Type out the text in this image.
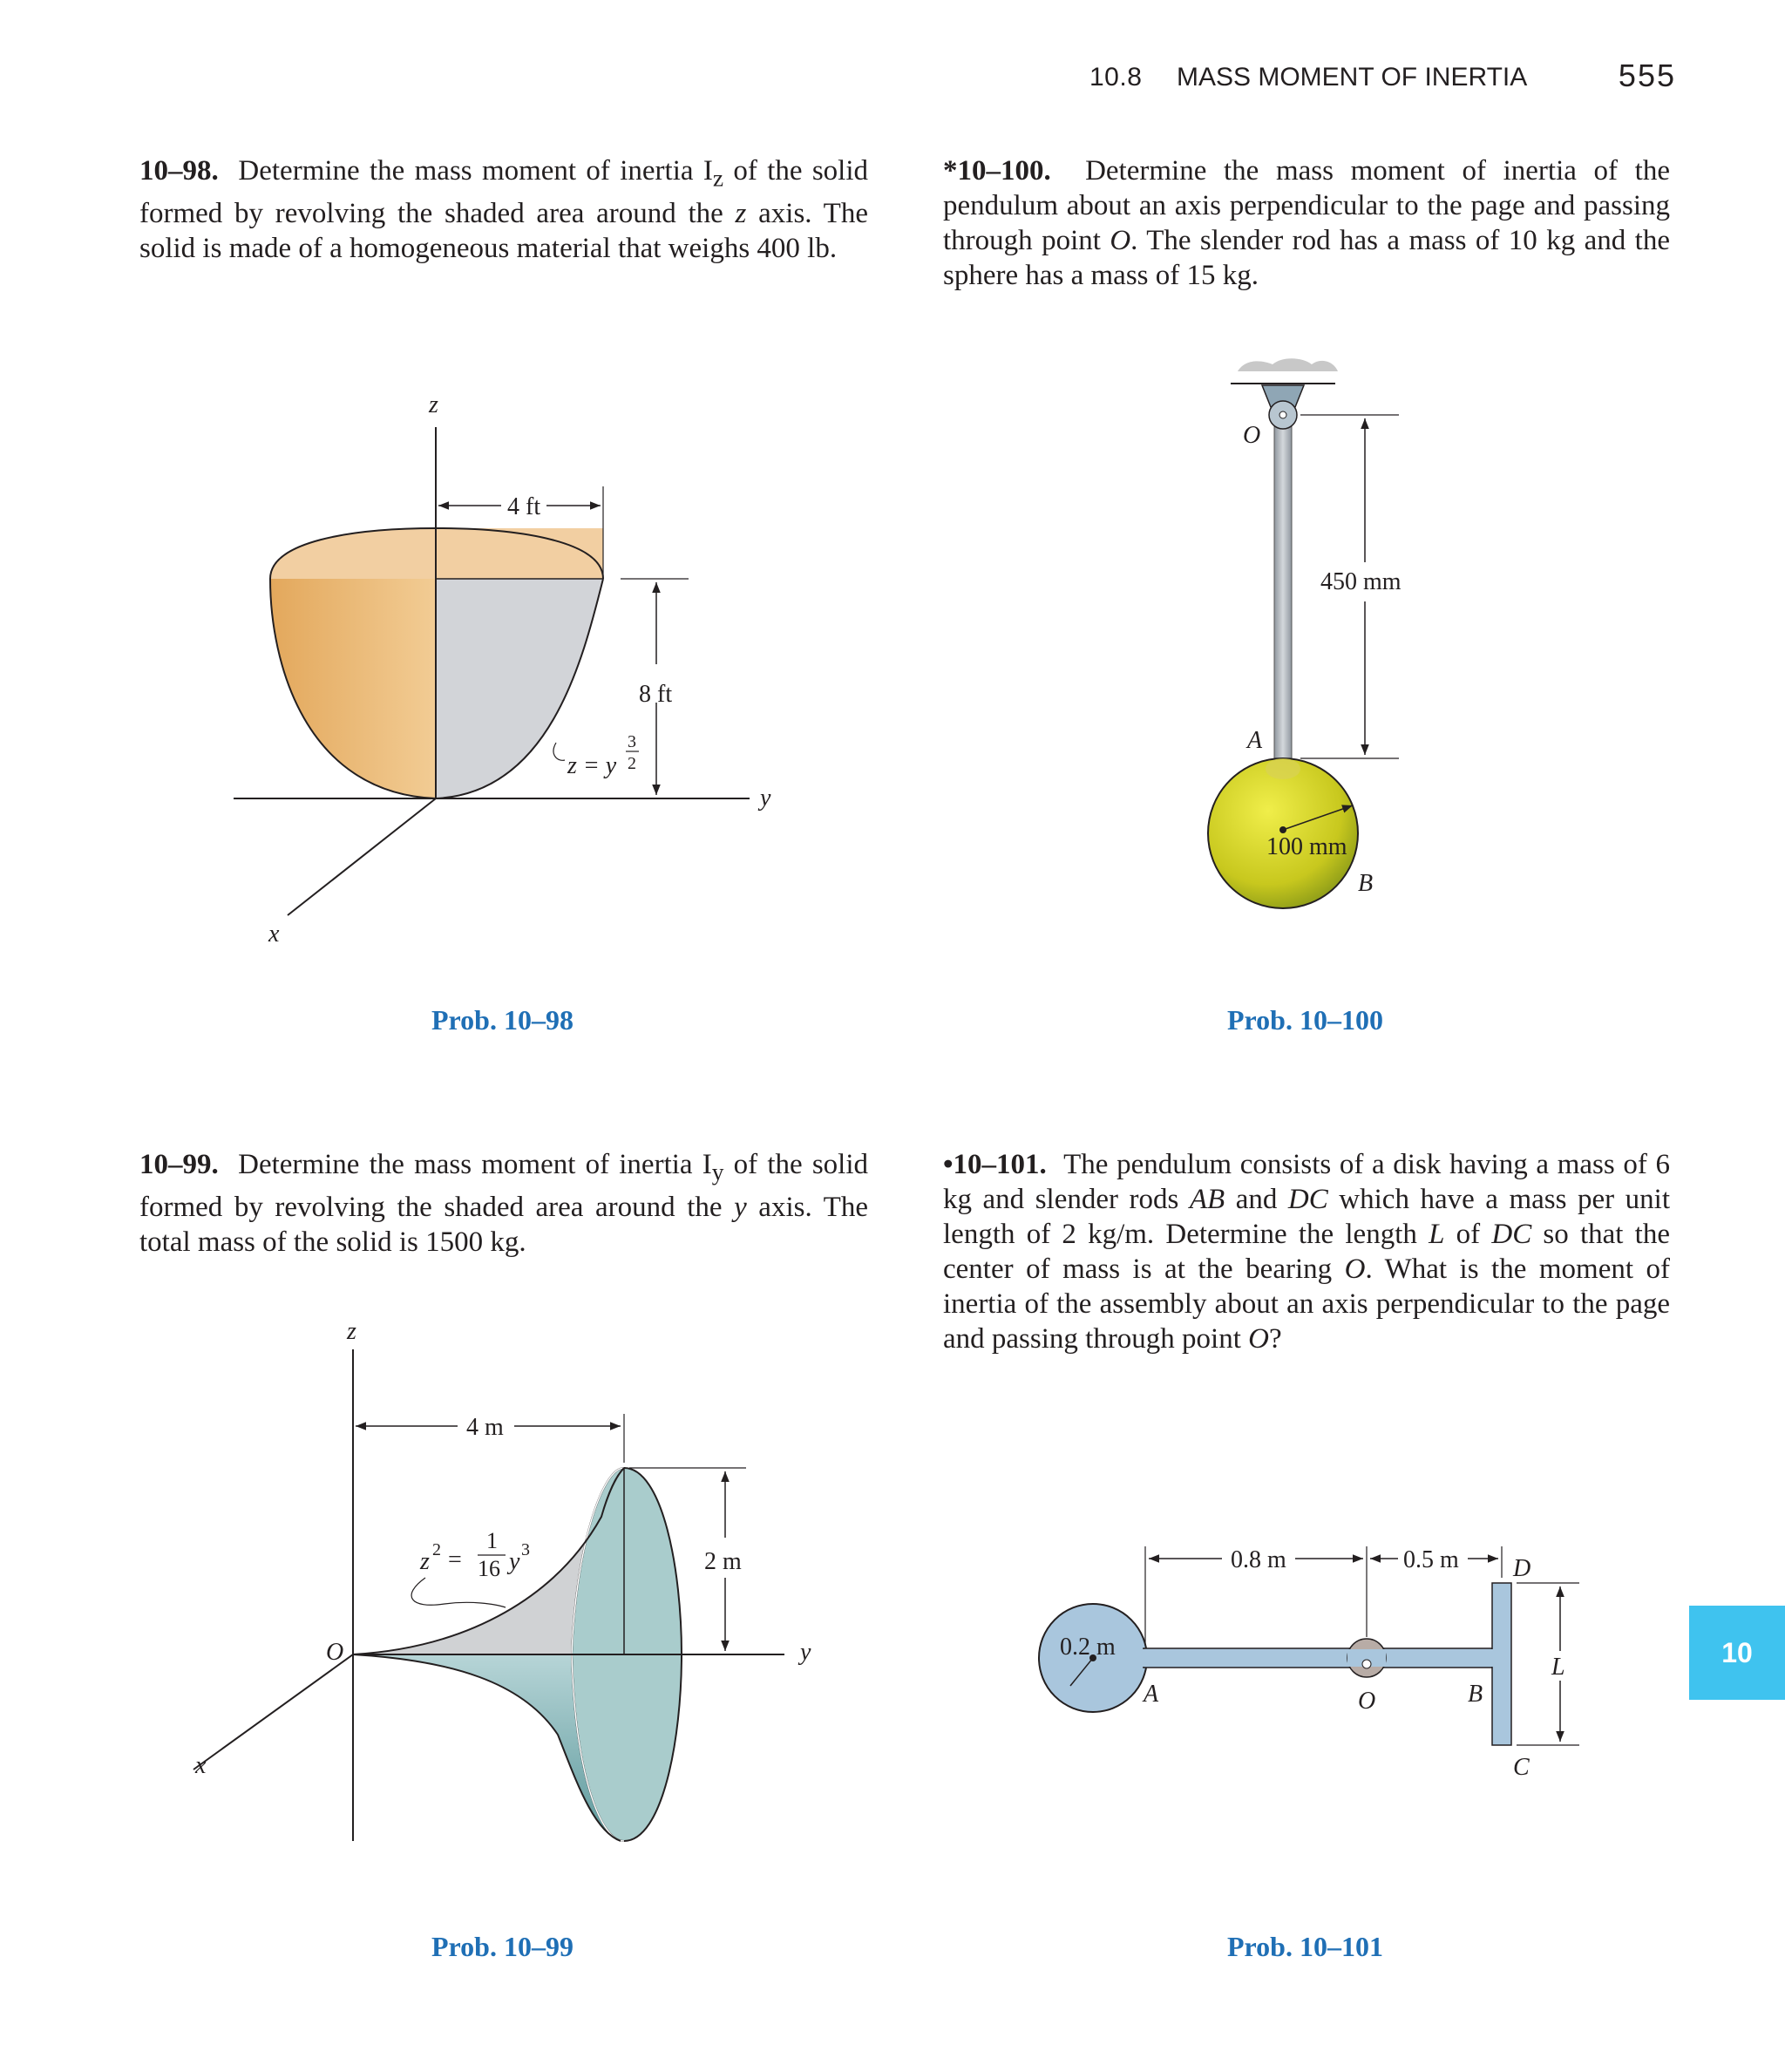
10.8 MASS MOMENT OF INERTIA	555
10–98. Determine the mass moment of inertia $I_z$ of the solid formed by revolving the shaded area around the z axis. The solid is made of a homogeneous material that weighs 400 lb.
*10–100. Determine the mass moment of inertia of the pendulum about an axis perpendicular to the page and passing through point O. The slender rod has a mass of 10 kg and the sphere has a mass of 15 kg.
10–99. Determine the mass moment of inertia $I_y$ of the solid formed by revolving the shaded area around the y axis. The total mass of the solid is 1500 kg.
•10–101. The pendulum consists of a disk having a mass of 6 kg and slender rods AB and DC which have a mass per unit length of 2 kg/m. Determine the length L of DC so that the center of mass is at the bearing O. What is the moment of inertia of the assembly about an axis perpendicular to the page and passing through point O?
Prob. 10–98	Prob. 10–100
Prob. 10–99	Prob. 10–101
10
z
y
x
4 ft
8 ft
z = y
3
2
450 mm
O
A
B
100 mm
z
y
x
O
4 m
2 m
z 2 =
1
16 y 3	0.8 m	0.5 m
L
0.2 m
A	O	B
C
D
